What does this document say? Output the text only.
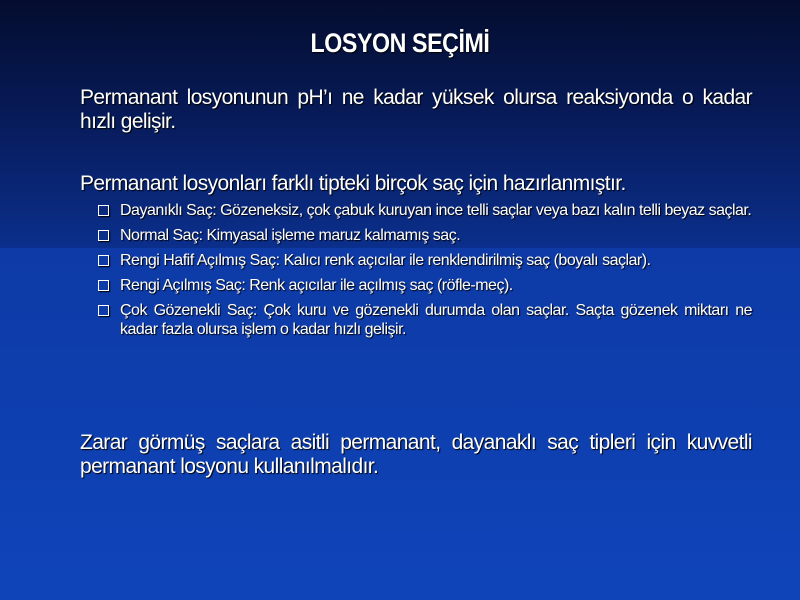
LOSYON SEÇİMİ
Permanant losyonunun pH’ı ne kadar yüksek olursa reaksiyonda o kadar hızlı gelişir.
Permanant losyonları farklı tipteki birçok saç için hazırlanmıştır.
Dayanıklı Saç: Gözeneksiz, çok çabuk kuruyan ince telli saçlar veya bazı kalın telli beyaz saçlar.
Normal Saç: Kimyasal işleme maruz kalmamış saç.
Rengi Hafif Açılmış Saç: Kalıcı renk açıcılar ile renklendirilmiş saç (boyalı saçlar).
Rengi Açılmış Saç: Renk açıcılar ile açılmış saç (röfle-meç).
Çok Gözenekli Saç: Çok kuru ve gözenekli durumda olan saçlar. Saçta gözenek miktarı ne kadar fazla olursa işlem o kadar hızlı gelişir.
Zarar görmüş saçlara asitli permanant, dayanaklı saç tipleri için kuvvetli permanant losyonu kullanılmalıdır.
